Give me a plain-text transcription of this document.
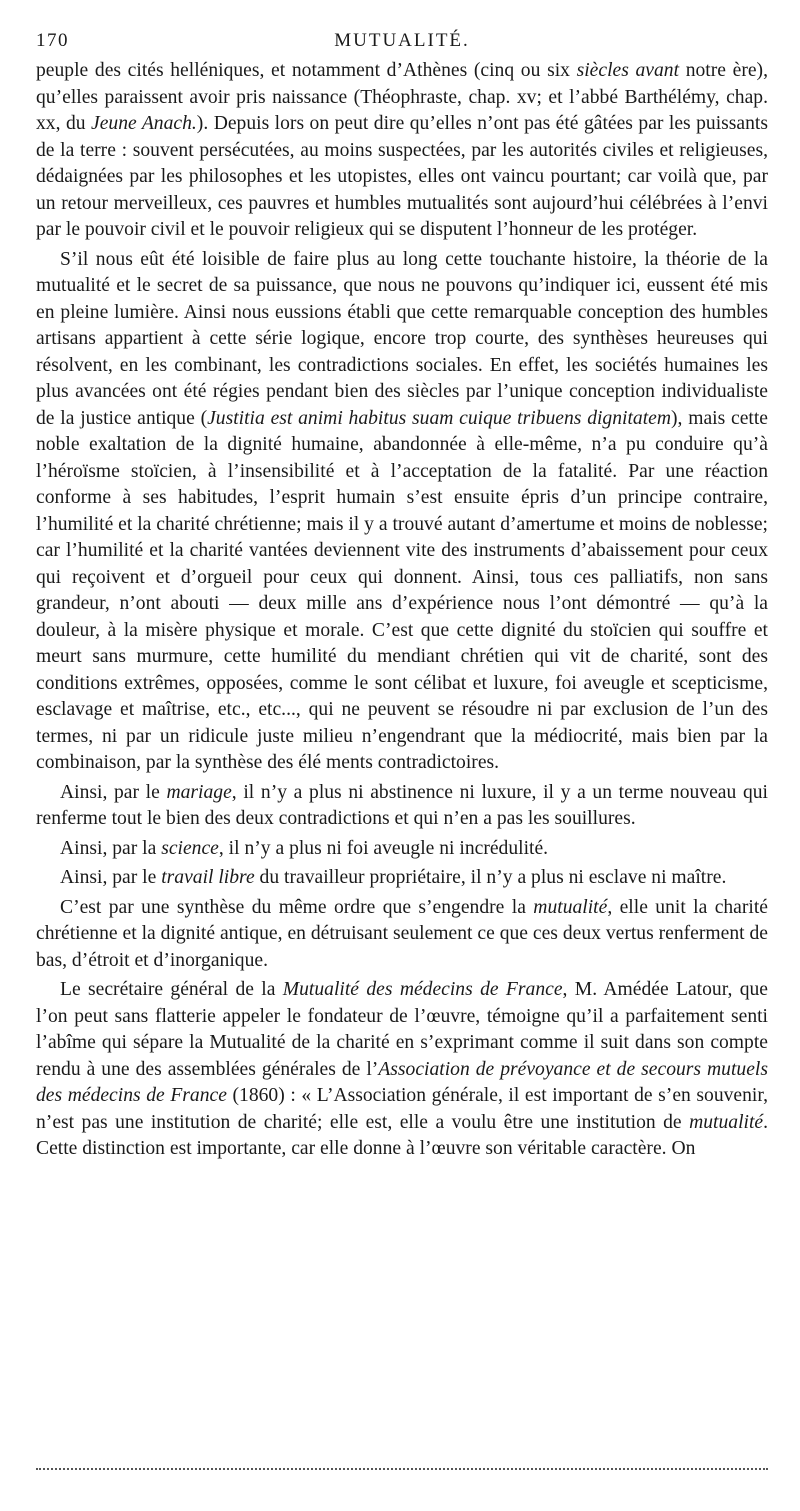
170	MUTUALITÉ.

peuple des cités helléniques, et notamment d’Athènes (cinq ou six siècles avant notre ère), qu’elles paraissent avoir pris naissance (Théophraste, chap. xv; et l’abbé Barthélémy, chap. xx, du Jeune Anach.). Depuis lors on peut dire qu’elles n’ont pas été gâtées par les puissants de la terre : souvent persécutées, au moins suspectées, par les autorités civiles et religieuses, dédaignées par les philosophes et les utopistes, elles ont vaincu pourtant; car voilà que, par un retour merveilleux, ces pauvres et humbles mutualités sont aujourd’hui célébrées à l’envi par le pouvoir civil et le pouvoir religieux qui se disputent l’honneur de les protéger.

S’il nous eût été loisible de faire plus au long cette touchante histoire, la théorie de la mutualité et le secret de sa puissance, que nous ne pouvons qu’indiquer ici, eussent été mis en pleine lumière. Ainsi nous eussions établi que cette remarquable conception des humbles artisans appartient à cette série logique, encore trop courte, des synthèses heureuses qui résolvent, en les combinant, les contradictions sociales. En effet, les sociétés humaines les plus avancées ont été régies pendant bien des siècles par l’unique conception individualiste de la justice antique (Justitia est animi habitus suam cuique tribuens dignitatem), mais cette noble exaltation de la dignité humaine, abandonnée à elle-même, n’a pu conduire qu’à l’héroïsme stoïcien, à l’insensibilité et à l’acceptation de la fatalité. Par une réaction conforme à ses habitudes, l’esprit humain s’est ensuite épris d’un principe contraire, l’humilité et la charité chrétienne; mais il y a trouvé autant d’amertume et moins de noblesse; car l’humilité et la charité vantées deviennent vite des instruments d’abaissement pour ceux qui reçoivent et d’orgueil pour ceux qui donnent. Ainsi, tous ces palliatifs, non sans grandeur, n’ont abouti — deux mille ans d’expérience nous l’ont démontré — qu’à la douleur, à la misère physique et morale. C’est que cette dignité du stoïcien qui souffre et meurt sans murmure, cette humilité du mendiant chrétien qui vit de charité, sont des conditions extrêmes, opposées, comme le sont célibat et luxure, foi aveugle et scepticisme, esclavage et maîtrise, etc., etc..., qui ne peuvent se résoudre ni par exclusion de l’un des termes, ni par un ridicule juste milieu n’engendrant que la médiocrité, mais bien par la combinaison, par la synthèse des élé ments contradictoires.

Ainsi, par le mariage, il n’y a plus ni abstinence ni luxure, il y a un terme nouveau qui renferme tout le bien des deux contradictions et qui n’en a pas les souillures.

Ainsi, par la science, il n’y a plus ni foi aveugle ni incrédulité.

Ainsi, par le travail libre du travailleur propriétaire, il n’y a plus ni esclave ni maître.

C’est par une synthèse du même ordre que s’engendre la mutualité, elle unit la charité chrétienne et la dignité antique, en détruisant seulement ce que ces deux vertus renferment de bas, d’étroit et d’inorganique.

Le secrétaire général de la Mutualité des médecins de France, M. Amédée Latour, que l’on peut sans flatterie appeler le fondateur de l’œuvre, témoigne qu’il a parfaitement senti l’abîme qui sépare la Mutualité de la charité en s’exprimant comme il suit dans son compte rendu à une des assemblées générales de l’Association de prévoyance et de secours mutuels des médecins de France (1860) : « L’Association générale, il est important de s’en souvenir, n’est pas une institution de charité; elle est, elle a voulu être une institution de mutualité. Cette distinction est importante, car elle donne à l’œuvre son véritable caractère. On
